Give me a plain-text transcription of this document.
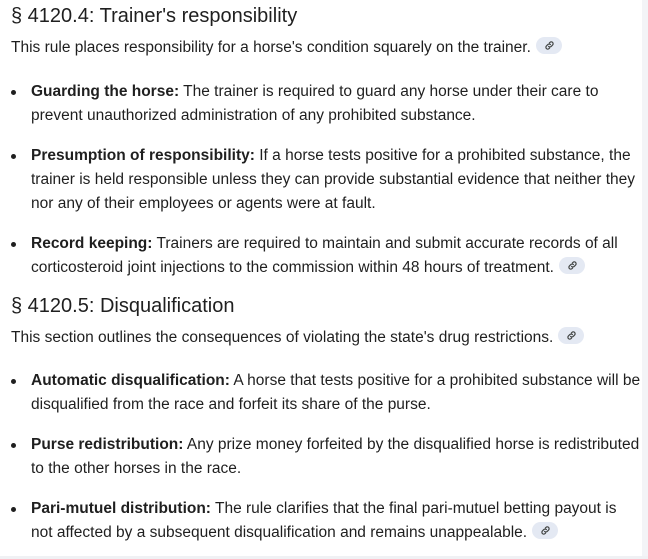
§ 4120.4: Trainer's responsibility

This rule places responsibility for a horse's condition squarely on the trainer.

Guarding the horse: The trainer is required to guard any horse under their care to prevent unauthorized administration of any prohibited substance.
Presumption of responsibility: If a horse tests positive for a prohibited substance, the trainer is held responsible unless they can provide substantial evidence that neither they nor any of their employees or agents were at fault.
Record keeping: Trainers are required to maintain and submit accurate records of all corticosteroid joint injections to the commission within 48 hours of treatment.
§ 4120.5: Disqualification

This section outlines the consequences of violating the state's drug restrictions.

Automatic disqualification: A horse that tests positive for a prohibited substance will be disqualified from the race and forfeit its share of the purse.
Purse redistribution: Any prize money forfeited by the disqualified horse is redistributed to the other horses in the race.
Pari-mutuel distribution: The rule clarifies that the final pari-mutuel betting payout is not affected by a subsequent disqualification and remains unappealable.
